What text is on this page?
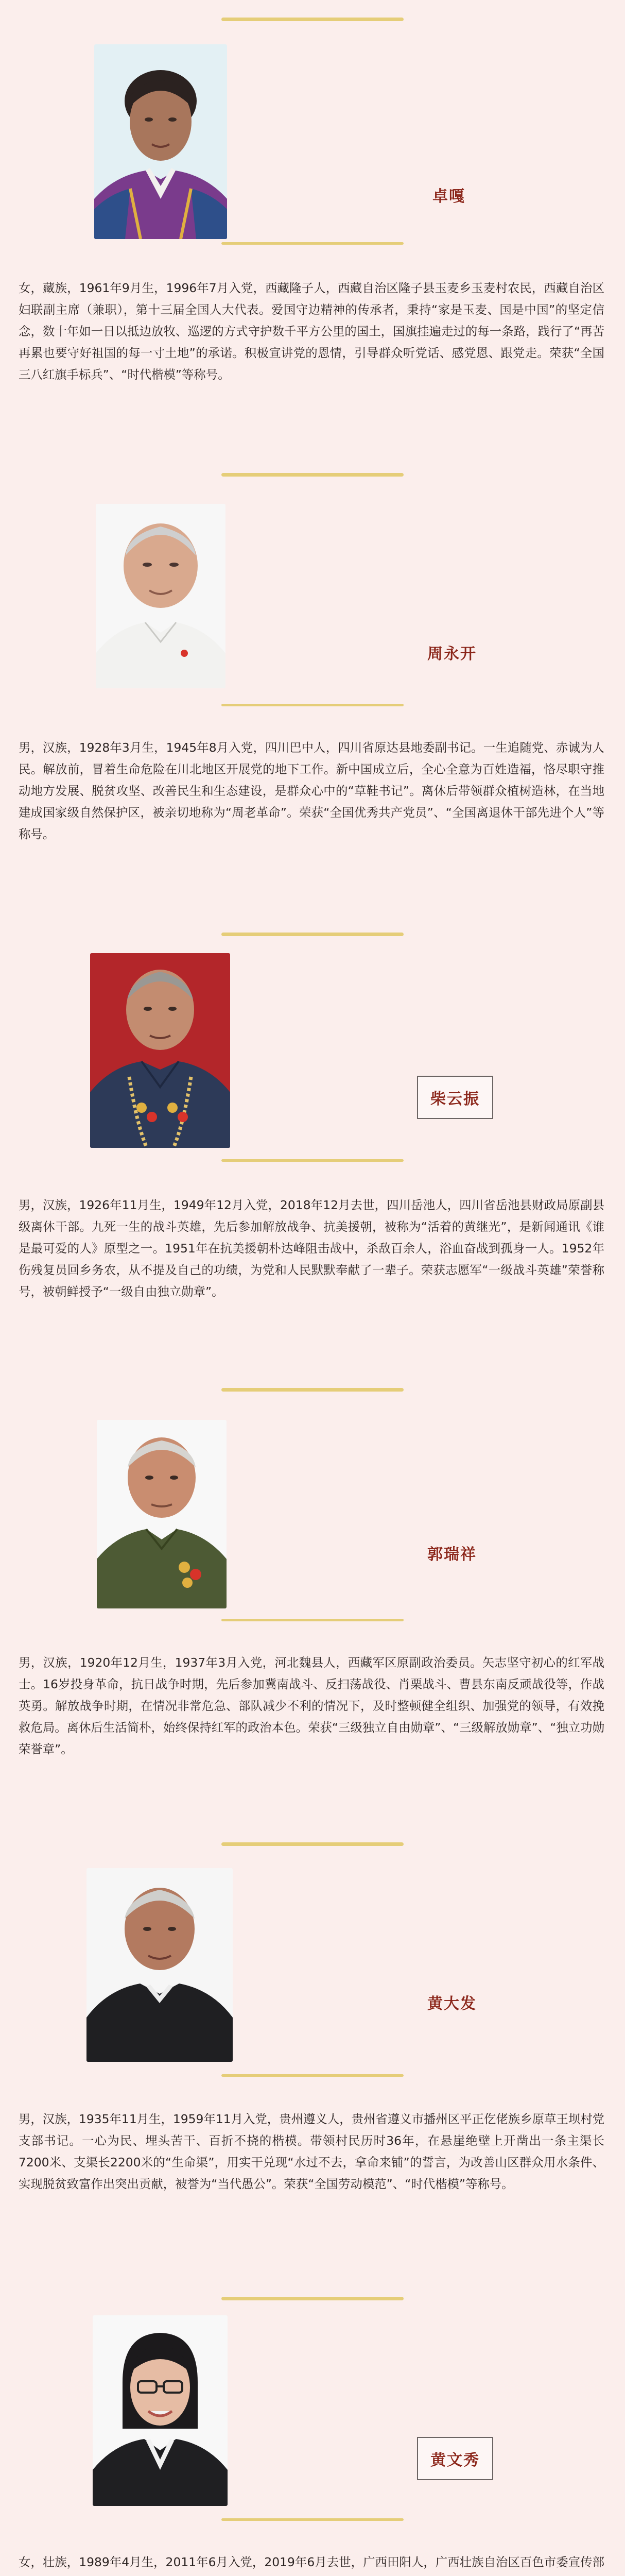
卓嘎

女，藏族，1961年9月生，1996年7月入党，西藏隆子人，西藏自治区隆子县玉麦乡玉麦村农民，西藏自治区妇联副主席（兼职），第十三届全国人大代表。爱国守边精神的传承者，秉持“家是玉麦、国是中国”的坚定信念，数十年如一日以抵边放牧、巡逻的方式守护数千平方公里的国土，国旗挂遍走过的每一条路，践行了“再苦再累也要守好祖国的每一寸土地”的承诺。积极宣讲党的恩情，引导群众听党话、感党恩、跟党走。荣获“全国三八红旗手标兵”、“时代楷模”等称号。

周永开

男，汉族，1928年3月生，1945年8月入党，四川巴中人，四川省原达县地委副书记。一生追随党、赤诚为人民。解放前，冒着生命危险在川北地区开展党的地下工作。新中国成立后，全心全意为百姓造福，恪尽职守推动地方发展、脱贫攻坚、改善民生和生态建设，是群众心中的“草鞋书记”。离休后带领群众植树造林，在当地建成国家级自然保护区，被亲切地称为“周老革命”。荣获“全国优秀共产党员”、“全国离退休干部先进个人”等称号。

柴云振

男，汉族，1926年11月生，1949年12月入党，2018年12月去世，四川岳池人，四川省岳池县财政局原副县级离休干部。九死一生的战斗英雄，先后参加解放战争、抗美援朝，被称为“活着的黄继光”，是新闻通讯《谁是最可爱的人》原型之一。1951年在抗美援朝朴达峰阻击战中，杀敌百余人，浴血奋战到孤身一人。1952年伤残复员回乡务农，从不提及自己的功绩，为党和人民默默奉献了一辈子。荣获志愿军“一级战斗英雄”荣誉称号，被朝鲜授予“一级自由独立勋章”。

郭瑞祥

男，汉族，1920年12月生，1937年3月入党，河北魏县人，西藏军区原副政治委员。矢志坚守初心的红军战士。16岁投身革命，抗日战争时期，先后参加冀南战斗、反扫荡战役、肖栗战斗、曹县东南反顽战役等，作战英勇。解放战争时期，在情况非常危急、部队减少不利的情况下，及时整顿健全组织、加强党的领导，有效挽救危局。离休后生活简朴，始终保持红军的政治本色。荣获“三级独立自由勋章”、“三级解放勋章”、“独立功勋荣誉章”。

黄大发

男，汉族，1935年11月生，1959年11月入党，贵州遵义人，贵州省遵义市播州区平正仡佬族乡原草王坝村党支部书记。一心为民、埋头苦干、百折不挠的楷模。带领村民历时36年，在悬崖绝壁上开凿出一条主渠长7200米、支渠长2200米的“生命渠”，用实干兑现“水过不去，拿命来铺”的誓言，为改善山区群众用水条件、实现脱贫致富作出突出贡献，被誉为“当代愚公”。荣获“全国劳动模范”、“时代楷模”等称号。

黄文秀

女，壮族，1989年4月生，2011年6月入党，2019年6月去世，广西田阳人，广西壮族自治区百色市委宣传部
